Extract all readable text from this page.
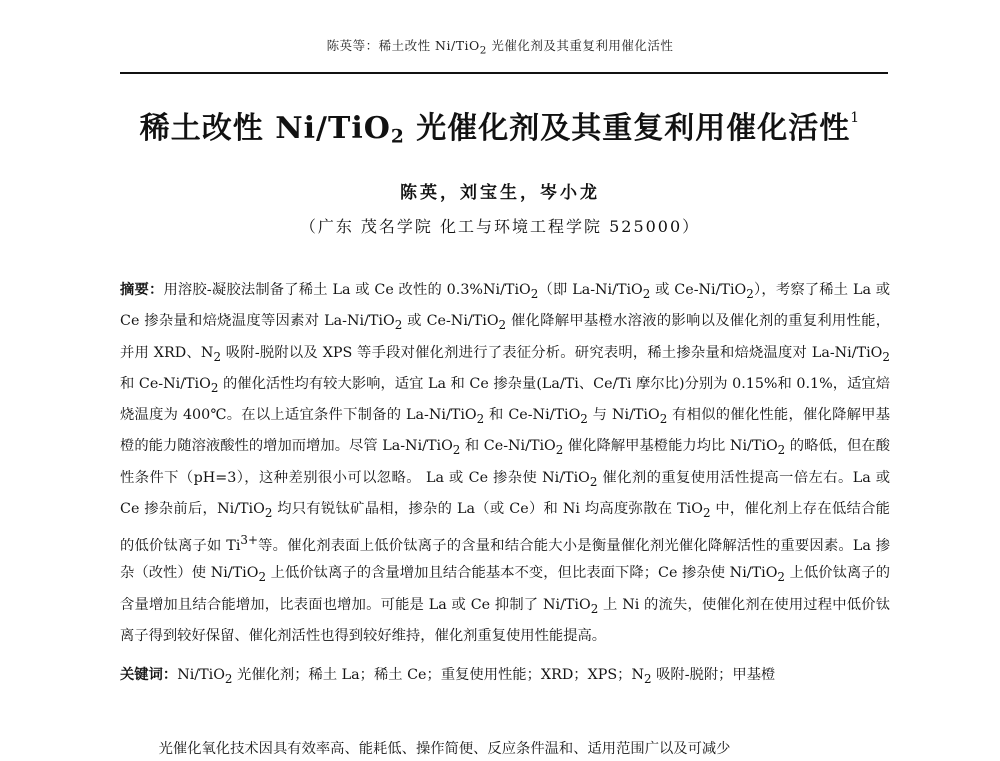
陈英等：稀土改性 Ni/TiO$_2$ 光催化剂及其重复利用催化活性
稀土改性 Ni/TiO$_2$ 光催化剂及其重复利用催化活性$^1$
陈英，刘宝生，岑小龙
（广东 茂名学院 化工与环境工程学院 525000）
摘要：用溶胶-凝胶法制备了稀土 La 或 Ce 改性的 0.3%Ni/TiO$_2$（即 La-Ni/TiO$_2$ 或 Ce-Ni/TiO$_2$），考察了稀土 La 或 Ce 掺杂量和焙烧温度等因素对 La-Ni/TiO$_2$ 或 Ce-Ni/TiO$_2$ 催化降解甲基橙水溶液的影响以及催化剂的重复利用性能，并用 XRD、$N_2$ 吸附-脱附以及 XPS 等手段对催化剂进行了表征分析。研究表明，稀土掺杂量和焙烧温度对 La-Ni/TiO$_2$ 和 Ce-Ni/TiO$_2$ 的催化活性均有较大影响，适宜 La 和 Ce 掺杂量(La/Ti、Ce/Ti 摩尔比)分别为 0.15%和 0.1%，适宜焙烧温度为 400℃。在以上适宜条件下制备的 La-Ni/TiO$_2$ 和 Ce-Ni/TiO$_2$ 与 Ni/TiO$_2$ 有相似的催化性能，催化降解甲基橙的能力随溶液酸性的增加而增加。尽管 La-Ni/TiO$_2$ 和 Ce-Ni/TiO$_2$ 催化降解甲基橙能力均比 Ni/TiO$_2$ 的略低，但在酸性条件下（pH=3），这种差别很小可以忽略。 La 或 Ce 掺杂使 Ni/TiO$_2$ 催化剂的重复使用活性提高一倍左右。La 或 Ce 掺杂前后，Ni/TiO$_2$ 均只有锐钛矿晶相，掺杂的 La（或 Ce）和 Ni 均高度弥散在 TiO$_2$ 中，催化剂上存在低结合能的低价钛离子如 $Ti^{3+}$等。催化剂表面上低价钛离子的含量和结合能大小是衡量催化剂光催化降解活性的重要因素。La 掺杂（改性）使 Ni/TiO$_2$ 上低价钛离子的含量增加且结合能基本不变，但比表面下降；Ce 掺杂使 Ni/TiO$_2$ 上低价钛离子的含量增加且结合能增加，比表面也增加。可能是 La 或 Ce 抑制了 Ni/TiO$_2$ 上 Ni 的流失，使催化剂在使用过程中低价钛离子得到较好保留、催化剂活性也得到较好维持，催化剂重复使用性能提高。
关键词：Ni/TiO$_2$ 光催化剂；稀土 La；稀土 Ce；重复使用性能；XRD；XPS；$N_2$ 吸附-脱附；甲基橙
光催化氧化技术因具有效率高、能耗低、操作简便、反应条件温和、适用范围广以及可减少
